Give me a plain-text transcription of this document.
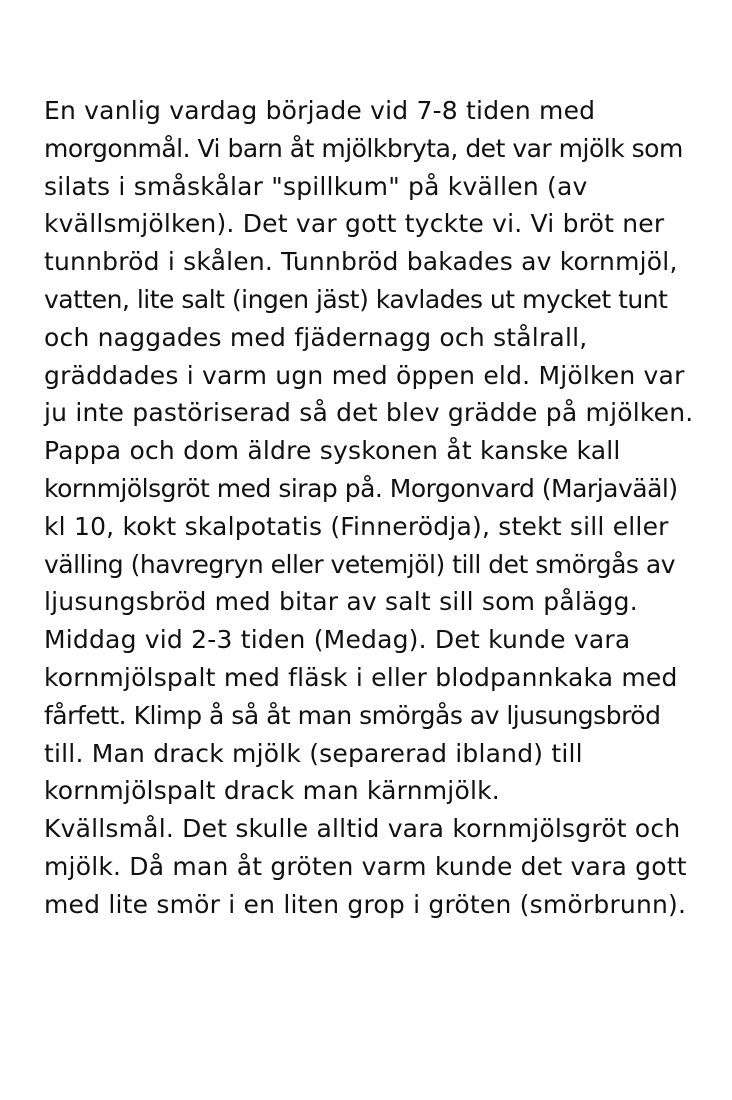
En vanlig vardag började vid 7-8 tiden med
morgonmål. Vi barn åt mjölkbryta, det var mjölk som
silats i småskålar "spillkum" på kvällen (av
kvällsmjölken). Det var gott tyckte vi. Vi bröt ner
tunnbröd i skålen. Tunnbröd bakades av kornmjöl,
vatten, lite salt (ingen jäst) kavlades ut mycket tunt
och naggades med fjädernagg och stålrall,
gräddades i varm ugn med öppen eld. Mjölken var
ju inte pastöriserad så det blev grädde på mjölken.
Pappa och dom äldre syskonen åt kanske kall
kornmjölsgröt med sirap på. Morgonvard (Marjavääl)
kl 10, kokt skalpotatis (Finnerödja), stekt sill eller
välling (havregryn eller vetemjöl) till det smörgås av
ljusungsbröd med bitar av salt sill som pålägg.
Middag vid 2-3 tiden (Medag). Det kunde vara
kornmjölspalt med fläsk i eller blodpannkaka med
fårfett. Klimp å så åt man smörgås av ljusungsbröd
till. Man drack mjölk (separerad ibland) till
kornmjölspalt drack man kärnmjölk.
Kvällsmål. Det skulle alltid vara kornmjölsgröt och
mjölk. Då man åt gröten varm kunde det vara gott
med lite smör i en liten grop i gröten (smörbrunn).
